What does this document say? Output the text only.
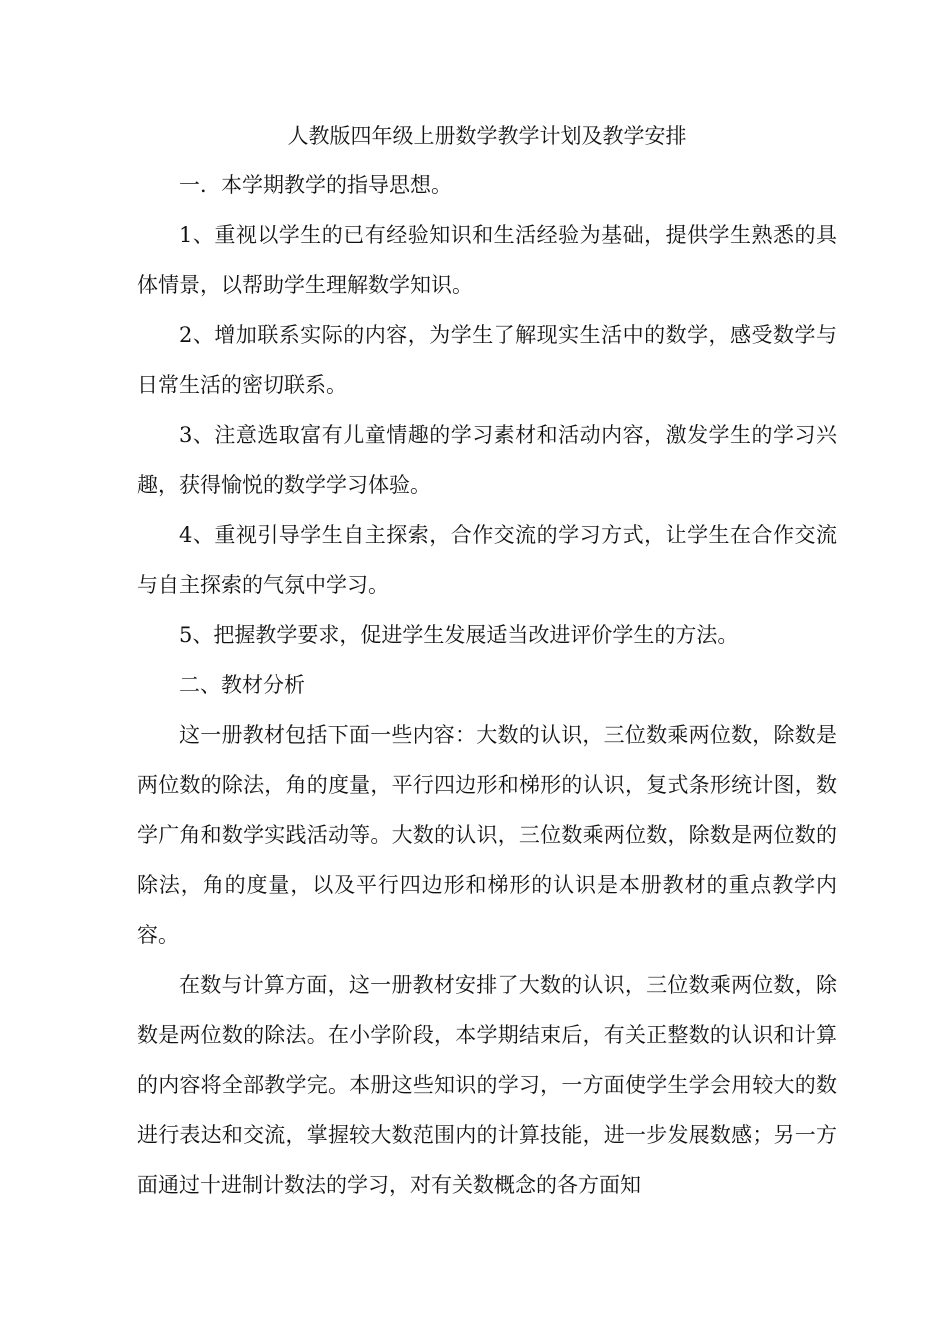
人教版四年级上册数学教学计划及教学安排

一．本学期教学的指导思想。

1、重视以学生的已有经验知识和生活经验为基础，提供学生熟悉的具体情景，以帮助学生理解数学知识。

2、增加联系实际的内容，为学生了解现实生活中的数学，感受数学与日常生活的密切联系。

3、注意选取富有儿童情趣的学习素材和活动内容，激发学生的学习兴趣，获得愉悦的数学学习体验。

4、重视引导学生自主探索，合作交流的学习方式，让学生在合作交流与自主探索的气氛中学习。

5、把握教学要求，促进学生发展适当改进评价学生的方法。

二、教材分析

这一册教材包括下面一些内容：大数的认识，三位数乘两位数，除数是两位数的除法，角的度量，平行四边形和梯形的认识，复式条形统计图，数学广角和数学实践活动等。大数的认识，三位数乘两位数，除数是两位数的除法，角的度量，以及平行四边形和梯形的认识是本册教材的重点教学内容。

在数与计算方面，这一册教材安排了大数的认识，三位数乘两位数，除数是两位数的除法。在小学阶段，本学期结束后，有关正整数的认识和计算的内容将全部教学完。本册这些知识的学习，一方面使学生学会用较大的数进行表达和交流，掌握较大数范围内的计算技能，进一步发展数感；另一方面通过十进制计数法的学习，对有关数概念的各方面知
